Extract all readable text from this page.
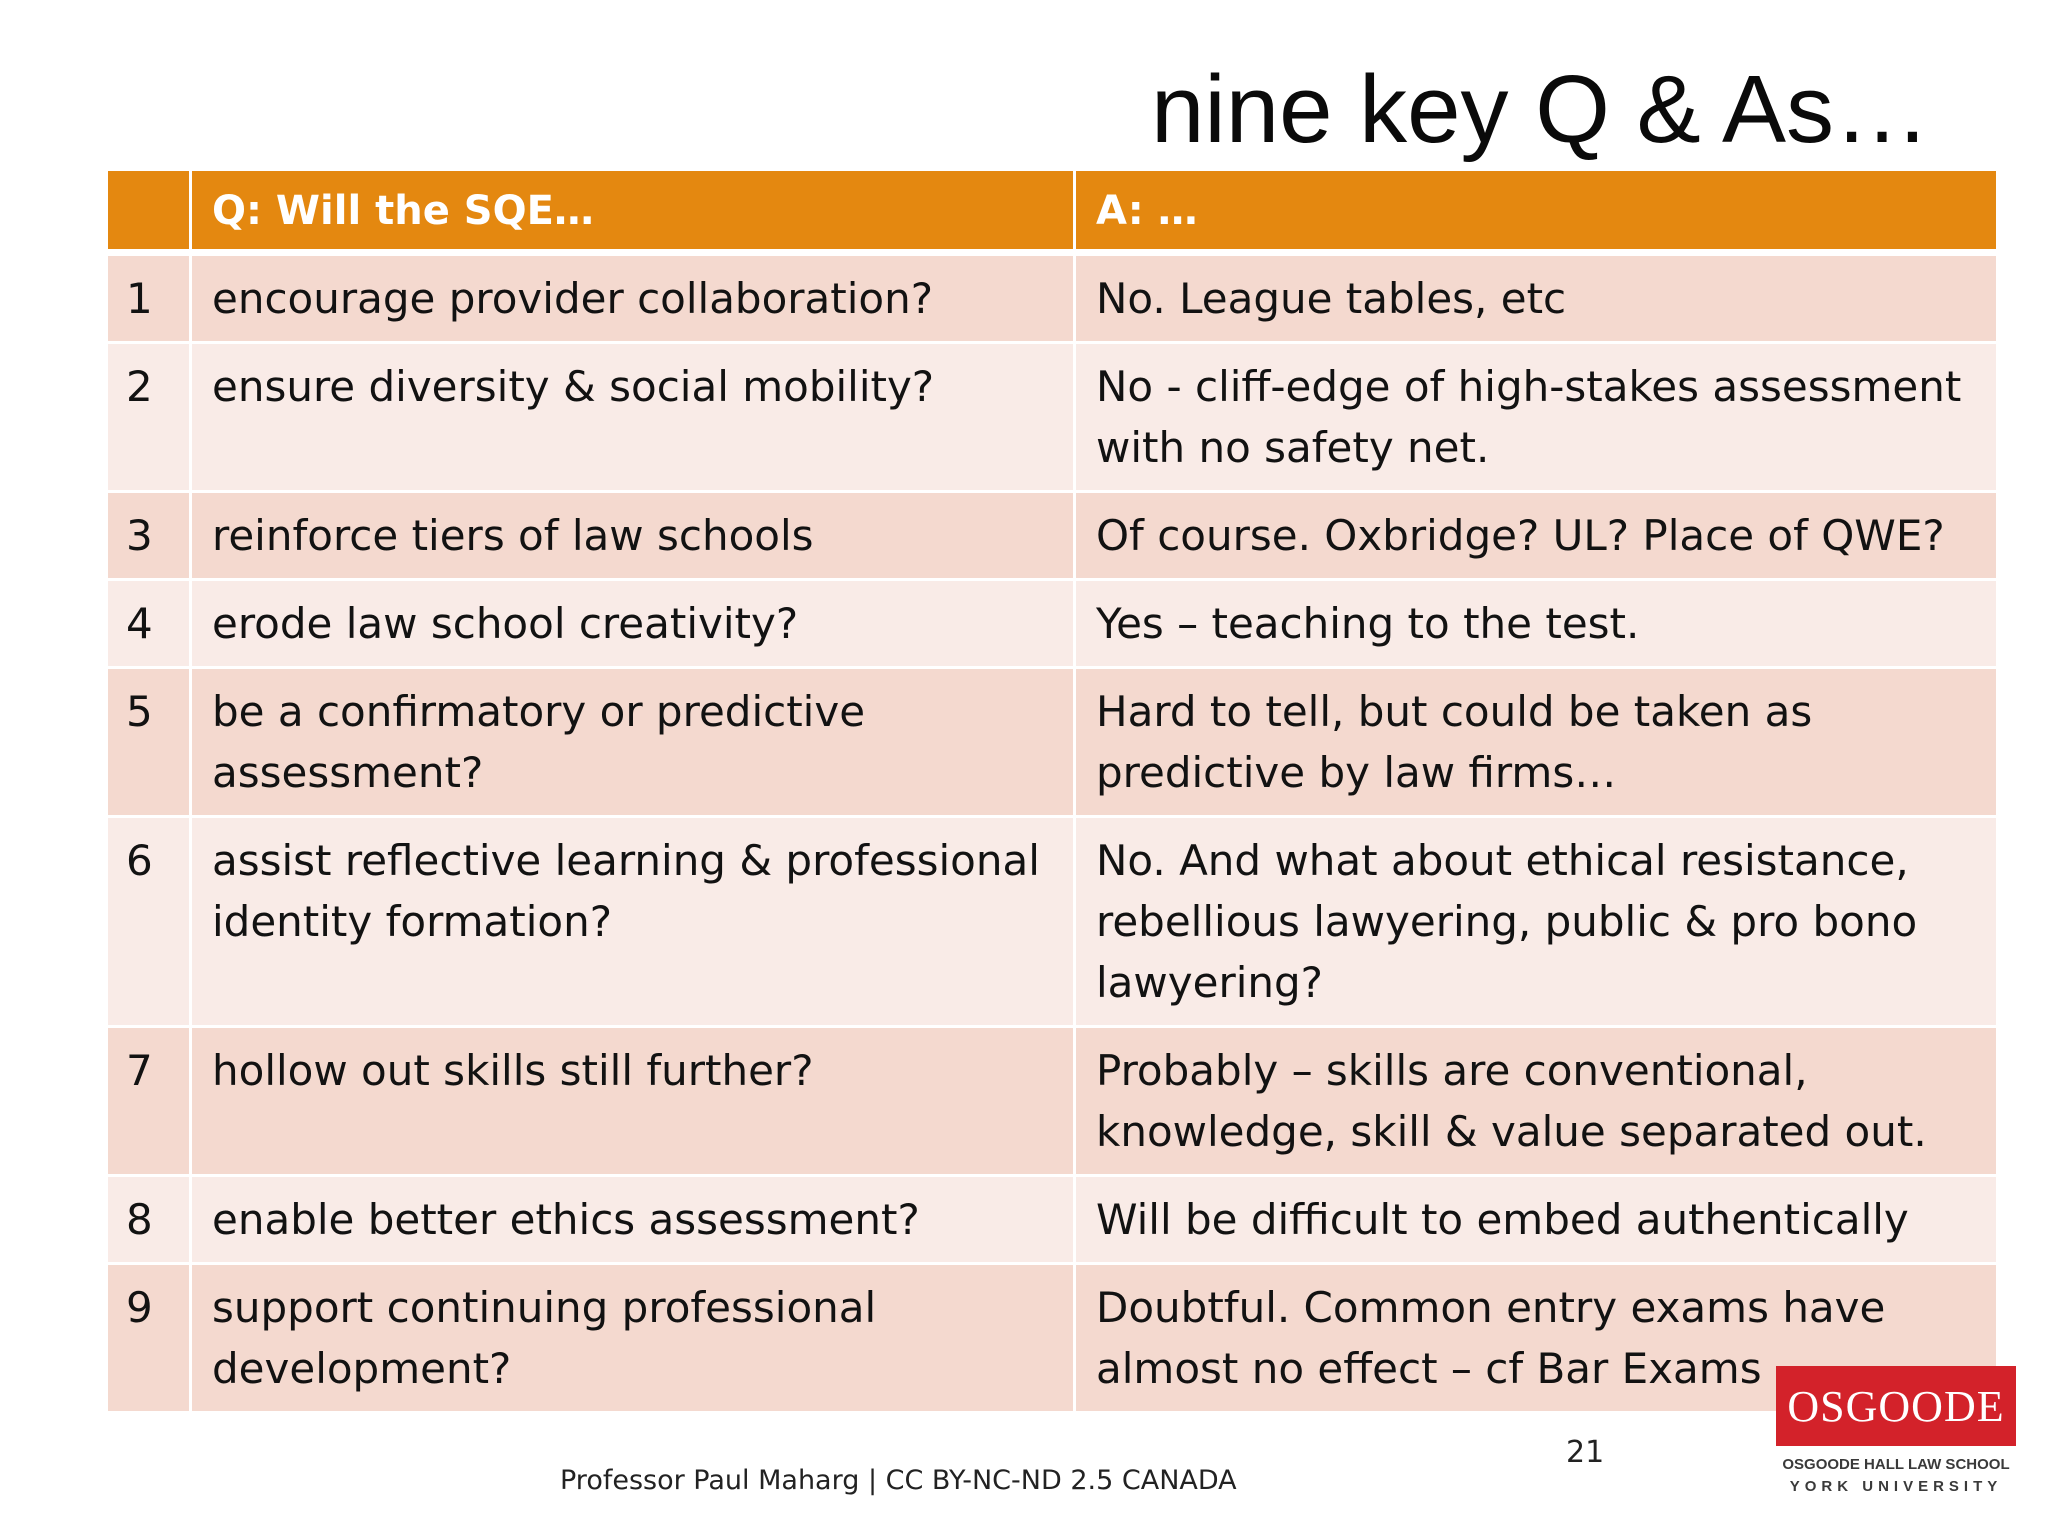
nine key Q & As…
	Q: Will the SQE…	A: …
1	encourage provider collaboration?	No. League tables, etc
2	ensure diversity & social mobility?	No - cliff-edge of high-stakes assessment with no safety net.
3	reinforce tiers of law schools	Of course. Oxbridge? UL? Place of QWE?
4	erode law school creativity?	Yes – teaching to the test.
5	be a confirmatory or predictive assessment?	Hard to tell, but could be taken as predictive by law firms…
6	assist reflective learning & professional identity formation?	No. And what about ethical resistance, rebellious lawyering, public & pro bono lawyering?
7	hollow out skills still further?	Probably – skills are conventional, knowledge, skill & value separated out.
8	enable better ethics assessment?	Will be difficult to embed authentically
9	support continuing professional development?	Doubtful. Common entry exams have almost no effect – cf Bar Exams
Professor Paul Maharg | CC BY-NC-ND 2.5 CANADA
21
OSGOODE
OSGOODE HALL LAW SCHOOL
YORK UNIVERSITY
